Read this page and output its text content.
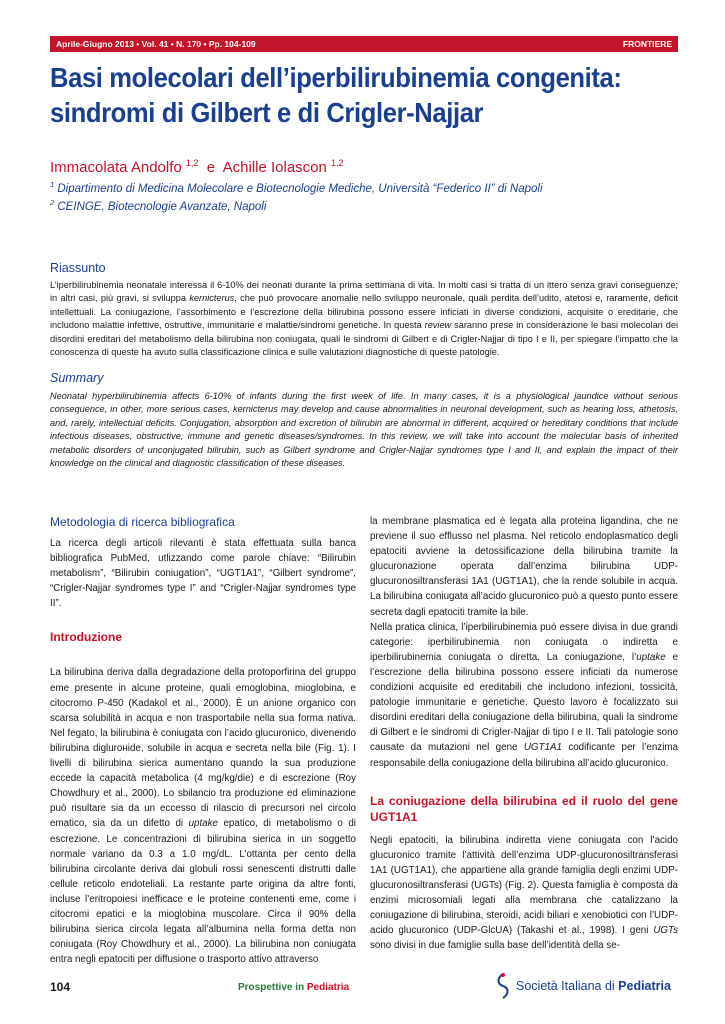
Aprile-Giugno 2013 • Vol. 41 • N. 170 • Pp. 104-109	FRONTIERE
Basi molecolari dell’iperbilirubinemia congenita:
sindromi di Gilbert e di Crigler-Najjar
Immacolata Andolfo $^{1,2}$  e  Achille Iolascon $^{1,2}$
$^1$ Dipartimento di Medicina Molecolare e Biotecnologie Mediche, Università “Federico II” di Napoli
$^2$ CEINGE, Biotecnologie Avanzate, Napoli
Riassunto

L’iperbilirubinemia neonatale interessa il 6-10% dei neonati durante la prima settimana di vita. In molti casi si tratta di un ittero senza gravi conseguenze; in altri casi, più gravi, si sviluppa kernicterus, che può provocare anomalie nello sviluppo neuronale, quali perdita dell’udito, atetosi e, raramente, deficit intellettuali. La coniugazione, l’assorbimento e l’escrezione della bilirubina possono essere inficiati in diverse condizioni, acquisite o ereditarie, che includono malattie infettive, ostruttive, immunitarie e malattie/sindromi genetiche. In questa review saranno prese in considerazione le basi molecolari dei disordini ereditari del metabolismo della bilirubina non coniugata, quali le sindromi di Gilbert e di Crigler-Najjar di tipo I e II, per spiegare l’impatto che la conoscenza di queste ha avuto sulla classificazione clinica e sulle valutazioni diagnostiche di queste patologie.

Summary

Neonatal hyperbilirubinemia affects 6-10% of infants during the first week of life. In many cases, it is a physiological jaundice without serious consequence, in other, more serious cases, kernicterus may develop and cause abnormalities in neuronal development, such as hearing loss, athetosis, and, rarely, intellectual deficits. Conjugation, absorption and excretion of bilirubin are abnormal in different, acquired or hereditary conditions that include infectious diseases, obstructive, immune and genetic diseases/syndromes. In this review, we will take into account the molecular basis of inherited metabolic disorders of unconjugated bilirubin, such as Gilbert syndrome and Crigler-Najjar syndromes type I and II, and explain the impact of their knowledge on the clinical and diagnostic classification of these diseases.

Metodologia di ricerca bibliografica

La ricerca degli articoli rilevanti è stata effettuata sulla banca bibliografica PubMed, utlizzando come parole chiave: “Bilirubin metabolism”, “Bilirubin coniugation”, “UGT1A1”, “Gilbert syndrome”, “Crigler-Najjar syndromes type I” and “Crigler-Najjar syndromes type II”.

Introduzione

La bilirubina deriva dalla degradazione della protoporfirina del gruppo eme presente in alcune proteine, quali emoglobina, mioglobina, e citocromo P-450 (Kadakol et al., 2000). È un anione organico con scarsa solubilità in acqua e non trasportabile nella sua forma nativa. Nel fegato, la bilirubina è coniugata con l’acido glucuronico, divenendo bilirubina diglurонide, solubile in acqua e secreta nella bile (Fig. 1). I livelli di bilirubina sierica aumentano quando la sua produzione eccede la capacità metabolica (4 mg/kg/die) e di escrezione (Roy Chowdhury et al., 2000). Lo sbilancio tra produzione ed eliminazione può risultare sia da un eccesso di rilascio di precursori nel circolo ematico, sia da un difetto di uptake epatico, di metabolismo o di escrezione. Le concentrazioni di bilirubina sierica in un soggetto normale variano da 0.3 a 1.0 mg/dL. L’ottanta per cento della bilirubina circolante deriva dai globuli rossi senescenti distrutti dalle cellule reticolo endoteliali. La restante parte origina da altre fonti, incluse l’eritropoiesi inefficace e le proteine contenenti eme, come i citocromi epatici e la mioglobina muscolare. Circa il 90% della bilirubina sierica circola legata all’albumina nella forma detta non coniugata (Roy Chowdhury et al., 2000). La bilirubina non coniugata entra negli epatociti per diffusione o trasporto attivo attraverso

la membrane plasmatica ed è legata alla proteina ligandina, che ne previene il suo efflusso nel plasma. Nel reticolo endoplasmatico degli epatociti avviene la detossificazione della bilirubina tramite la glucuronazione operata dall’enzima bilirubina UDP-glucuronosiltransferasi 1A1 (UGT1A1), che la rende solubile in acqua. La bilirubina coniugata all’acido glucuronico può a questo punto essere secreta dagli epatociti tramite la bile.

Nella pratica clinica, l’iperbilirubinemia può essere divisa in due grandi categorie: iperbilirubinemia non coniugata o indiretta e iperbilirubinemia coniugata o diretta. La coniugazione, l’uptake e l’escrezione della bilirubina possono essere inficiati da numerose condizioni acquisite ed ereditabili che includono infezioni, tossicità, patologie immunitarie e genetiche. Questo lavoro è focalizzato sui disordini ereditari della coniugazione della bilirubina, quali la sindrome di Gilbert e le sindromi di Crigler-Najjar di tipo I e II. Tali patologie sono causate da mutazioni nel gene UGT1A1 codificante per l’enzima responsabile della coniugazione della bilirubina all’acido glucuronico.

La coniugazione della bilirubina ed il ruolo del gene UGT1A1

Negli epatociti, la bilirubina indiretta viene coniugata con l’acido glucuronico tramite l’attività dell’enzima UDP-glucuronosiltransferasi 1A1 (UGT1A1), che appartiene alla grande famiglia degli enzimi UDP-glucuronosiltransferasi (UGTs) (Fig. 2). Questa famiglia è composta da enzimi microsomiali legati alla membrana che catalizzano la coniugazione di bilirubina, steroidi, acidi biliari e xenobiotici con l’UDP- acido glucuronico (UDP-GlcUA) (Takashi et al., 1998). I geni UGTs sono divisi in due famiglie sulla base dell’identità della se-

104	Prospettive in Pediatria	Società Italiana di Pediatria
